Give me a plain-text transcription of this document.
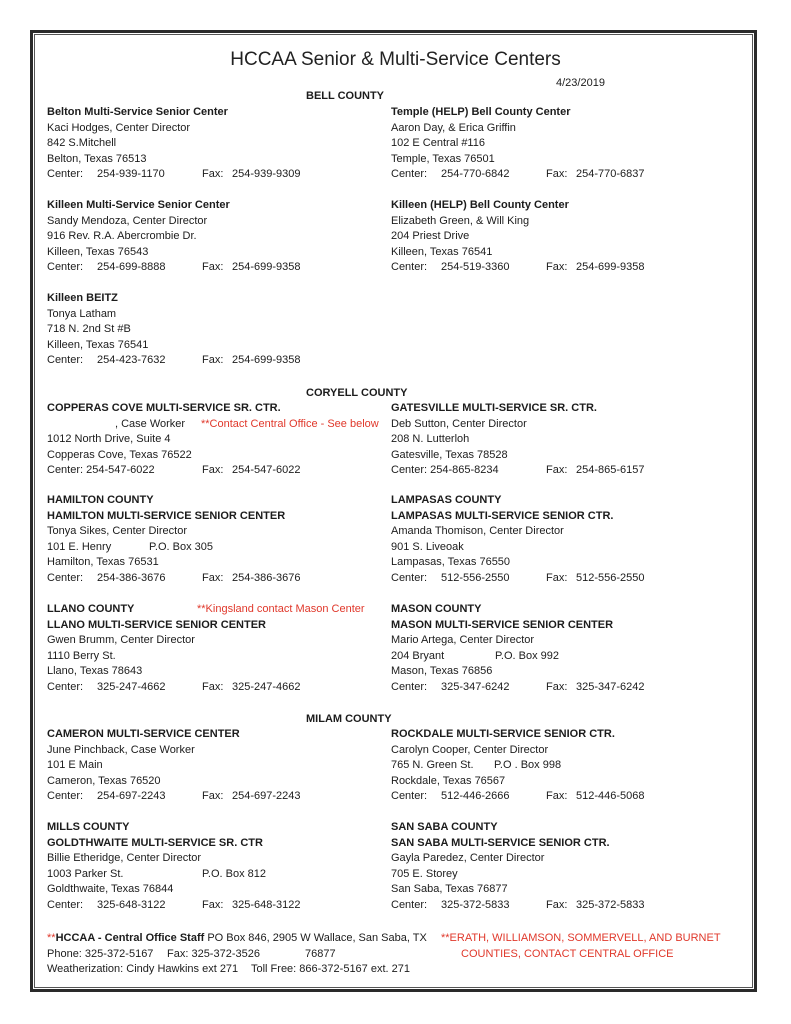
HCCAA Senior & Multi-Service Centers
4/23/2019
BELL COUNTY
Belton Multi-Service Senior Center
Kaci Hodges, Center Director
842 S.Mitchell
Belton, Texas 76513
Center: 254-939-1170	Fax: 254-939-9309
Temple (HELP) Bell County Center
Aaron Day, & Erica Griffin
102 E Central #116
Temple, Texas 76501
Center: 254-770-6842	Fax: 254-770-6837
Killeen Multi-Service Senior Center
Sandy Mendoza, Center Director
916 Rev. R.A. Abercrombie Dr.
Killeen, Texas 76543
Center: 254-699-8888	Fax: 254-699-9358
Killeen (HELP) Bell County Center
Elizabeth Green, & Will King
204 Priest Drive
Killeen, Texas 76541
Center: 254-519-3360	Fax: 254-699-9358
Killeen BEITZ
Tonya Latham
718 N. 2nd St #B
Killeen, Texas 76541
Center: 254-423-7632	Fax: 254-699-9358
CORYELL COUNTY
COPPERAS COVE MULTI-SERVICE SR. CTR.
, Case Worker **Contact Central Office - See below
1012 North Drive, Suite 4
Copperas Cove, Texas 76522
Center: 254-547-6022	Fax: 254-547-6022
GATESVILLE MULTI-SERVICE SR. CTR.
Deb Sutton, Center Director
208 N. Lutterloh
Gatesville, Texas 78528
Center: 254-865-8234	Fax: 254-865-6157
HAMILTON COUNTY
HAMILTON MULTI-SERVICE SENIOR CENTER
Tonya Sikes, Center Director
101 E. Henry	P.O. Box 305
Hamilton, Texas 76531
Center: 254-386-3676	Fax: 254-386-3676
LAMPASAS COUNTY
LAMPASAS MULTI-SERVICE SENIOR CTR.
Amanda Thomison, Center Director
901 S. Liveoak
Lampasas, Texas 76550
Center: 512-556-2550	Fax: 512-556-2550
LLANO COUNTY	**Kingsland contact Mason Center
LLANO MULTI-SERVICE SENIOR CENTER
Gwen Brumm, Center Director
1110 Berry St.
Llano, Texas 78643
Center: 325-247-4662	Fax: 325-247-4662
MASON COUNTY
MASON MULTI-SERVICE SENIOR CENTER
Mario Artega, Center Director
204 Bryant	P.O. Box 992
Mason, Texas 76856
Center: 325-347-6242	Fax: 325-347-6242
MILAM COUNTY
CAMERON MULTI-SERVICE CENTER
June Pinchback, Case Worker
101 E Main
Cameron, Texas 76520
Center: 254-697-2243	Fax: 254-697-2243
ROCKDALE MULTI-SERVICE SENIOR CTR.
Carolyn Cooper, Center Director
765 N. Green St. P.O . Box 998
Rockdale, Texas 76567
Center: 512-446-2666	Fax: 512-446-5068
MILLS COUNTY
GOLDTHWAITE MULTI-SERVICE SR. CTR
Billie Etheridge, Center Director
1003 Parker St.	P.O. Box 812
Goldthwaite, Texas 76844
Center: 325-648-3122	Fax: 325-648-3122
SAN SABA COUNTY
SAN SABA MULTI-SERVICE SENIOR CTR.
Gayla Paredez, Center Director
705 E. Storey
San Saba, Texas 76877
Center: 325-372-5833	Fax: 325-372-5833
**HCCAA - Central Office Staff PO Box 846, 2905 W Wallace, San Saba, TX
Phone: 325-372-5167 Fax: 325-372-3526	76877
Weatherization: Cindy Hawkins ext 271 Toll Free: 866-372-5167 ext. 271
**ERATH, WILLIAMSON, SOMMERVELL, AND BURNET
COUNTIES, CONTACT CENTRAL OFFICE
